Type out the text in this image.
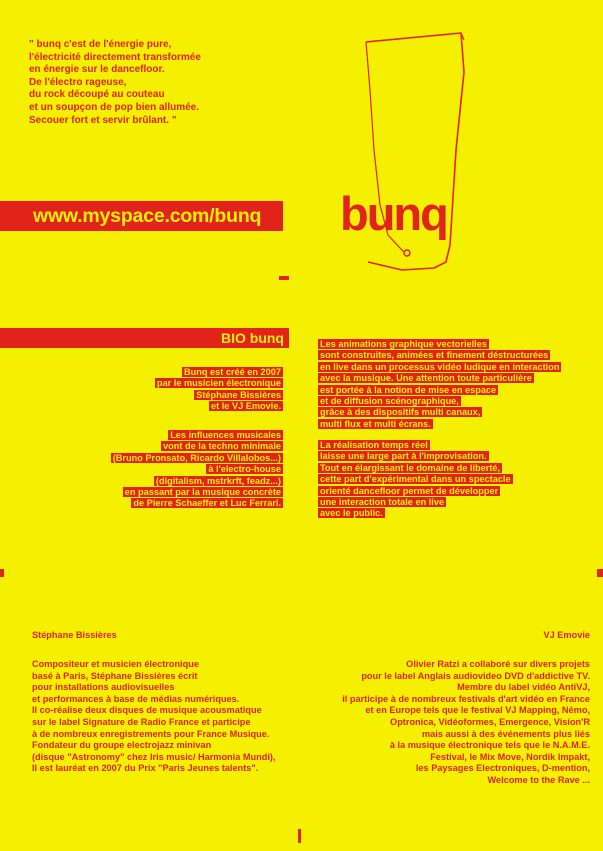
" bunq c'est de l'énergie pure,
l'électricité directement transformée
en énergie sur le dancefloor.
De l'électro rageuse,
du rock découpé au couteau
et un soupçon de pop bien allumée.
Secouer fort et servir brûlant. "
www.myspace.com/bunq bunq
BIO bunq
Bunq est créé en 2007
par le musicien électronique
Stéphane Bissières
et le VJ Emovie.
Les influences musicales
vont de la techno minimale
(Bruno Pronsato, Ricardo Villalobos...)
à l'electro-house
(digitalism, mstrkrft, feadz...)
en passant par la musique concrète
de Pierre Schaeffer et Luc Ferrari.
Les animations graphique vectorielles
sont construites, animées et finement déstructurées
en live dans un processus vidéo ludique en interaction
avec la musique. Une attention toute particulière
est portée à la notion de mise en espace
et de diffusion scénographique,
grâce à des dispositifs multi canaux,
multi flux et multi écrans.
La réalisation temps réel
laisse une large part à l'improvisation.
Tout en élargissant le domaine de liberté,
cette part d'expérimental dans un spectacle
orienté dancefloor permet de développer
une interaction totale en live
avec le public.
Stéphane Bissières
Compositeur et musicien électronique
basé à Paris, Stéphane Bissières écrit
pour installations audiovisuelles
et performances à base de médias numériques.
Il co-réalise deux disques de musique acousmatique
sur le label Signature de Radio France et participe
à de nombreux enregistrements pour France Musique.
Fondateur du groupe electrojazz minivan
(disque "Astronomy" chez Iris music/ Harmonia Mundi),
Il est lauréat en 2007 du Prix "Paris Jeunes talents".
VJ Emovie
Olivier Ratzi a collaboré sur divers projets
pour le label Anglais audiovideo DVD d'addictive TV.
Membre du label vidéo AntiVJ,
il participe à de nombreux festivals d'art vidéo en France
et en Europe tels que le festival VJ Mapping, Némo,
Optronica, Vidéoformes, Emergence, Vision'R
mais aussi à des événements plus liés
à la musique électronique tels que le N.A.M.E.
Festival, le Mix Move, Nordik Impakt,
les Paysages Electroniques, D-mention,
Welcome to the Rave ...
